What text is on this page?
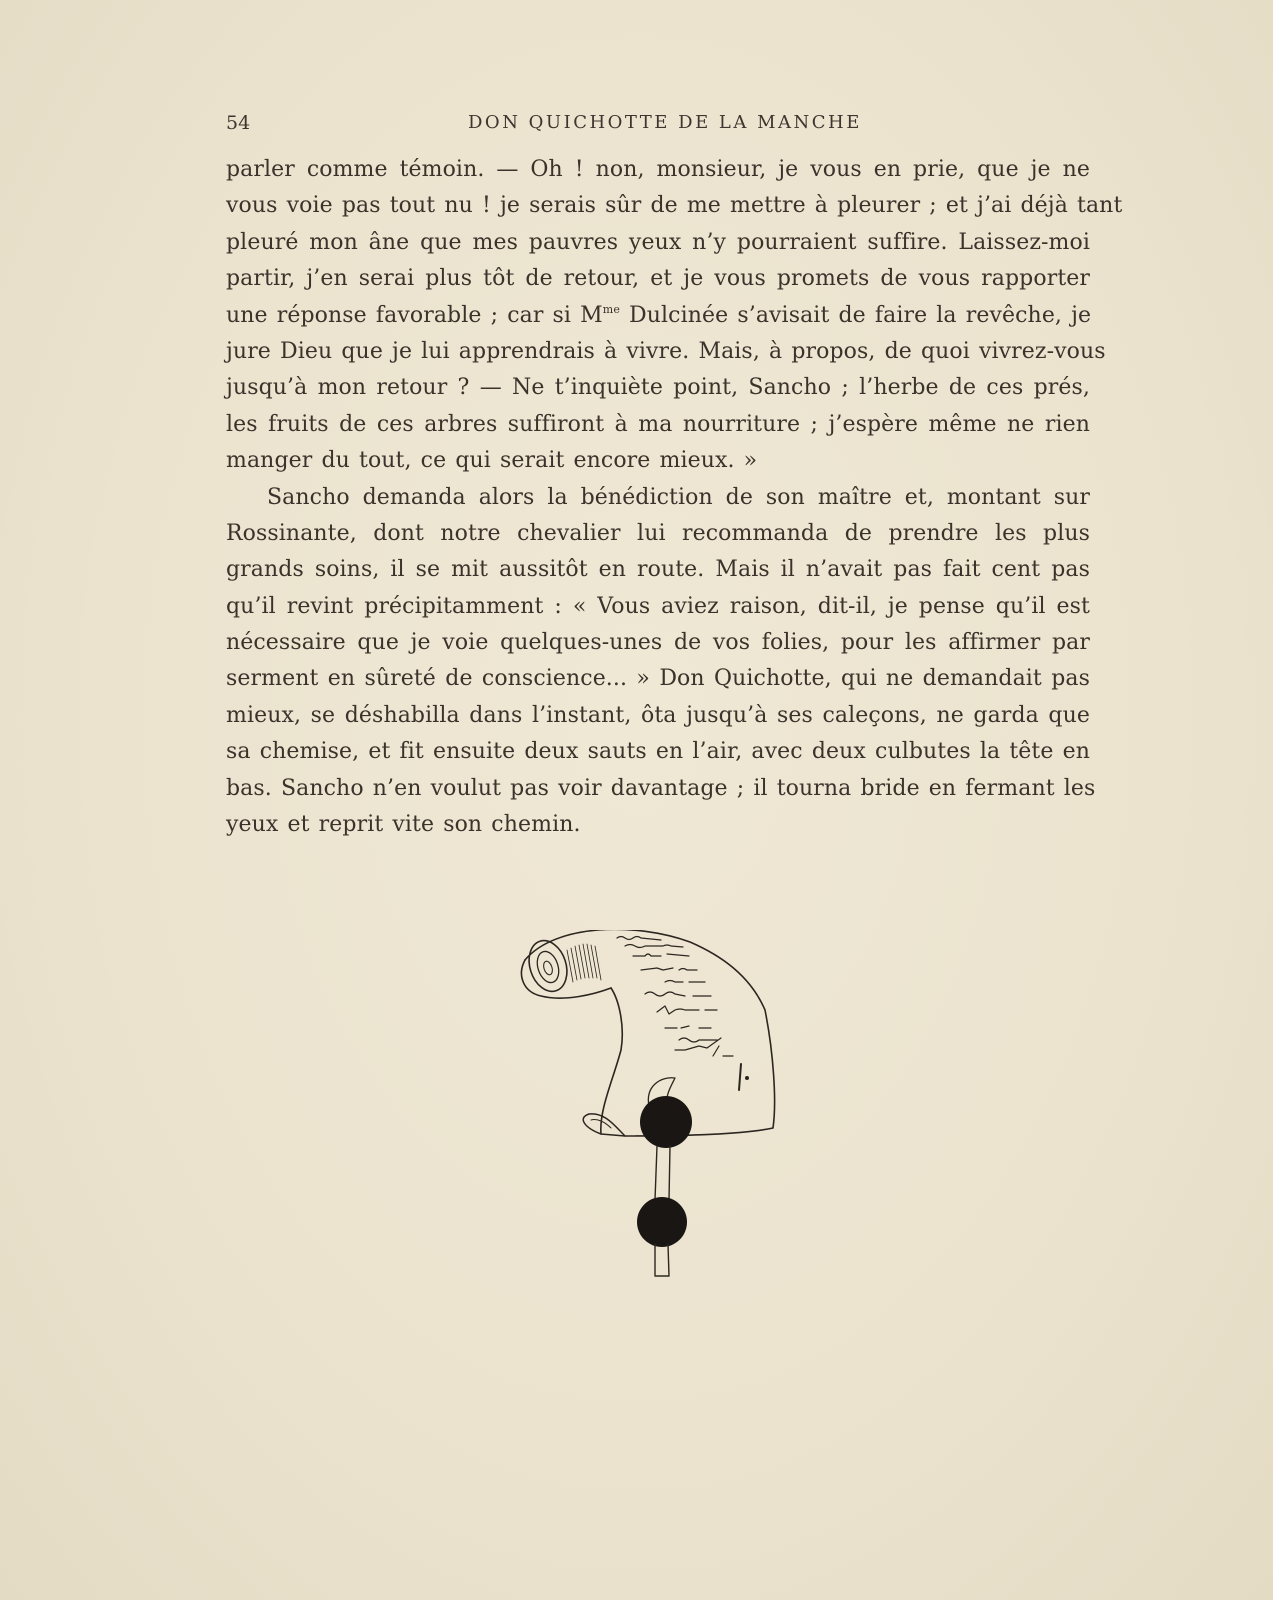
54	DON QUICHOTTE DE LA MANCHE
parler comme témoin. — Oh ! non, monsieur, je vous en prie, que je ne
vous voie pas tout nu ! je serais sûr de me mettre à pleurer ; et j’ai déjà tant
pleuré mon âne que mes pauvres yeux n’y pourraient suffire. Laissez-moi
partir, j’en serai plus tôt de retour, et je vous promets de vous rapporter
une réponse favorable ; car si $M^{me}$ Dulcinée s’avisait de faire la revêche, je
jure Dieu que je lui apprendrais à vivre. Mais, à propos, de quoi vivrez-vous
jusqu’à mon retour ? — Ne t’inquiète point, Sancho ; l’herbe de ces prés,
les fruits de ces arbres suffiront à ma nourriture ; j’espère même ne rien
manger du tout, ce qui serait encore mieux. »
Sancho demanda alors la bénédiction de son maître et, montant sur
Rossinante, dont notre chevalier lui recommanda de prendre les plus
grands soins, il se mit aussitôt en route. Mais il n’avait pas fait cent pas
qu’il revint précipitamment : « Vous aviez raison, dit-il, je pense qu’il est
nécessaire que je voie quelques-unes de vos folies, pour les affirmer par
serment en sûreté de conscience... » Don Quichotte, qui ne demandait pas
mieux, se déshabilla dans l’instant, ôta jusqu’à ses caleçons, ne garda que
sa chemise, et fit ensuite deux sauts en l’air, avec deux culbutes la tête en
bas. Sancho n’en voulut pas voir davantage ; il tourna bride en fermant les
yeux et reprit vite son chemin.
